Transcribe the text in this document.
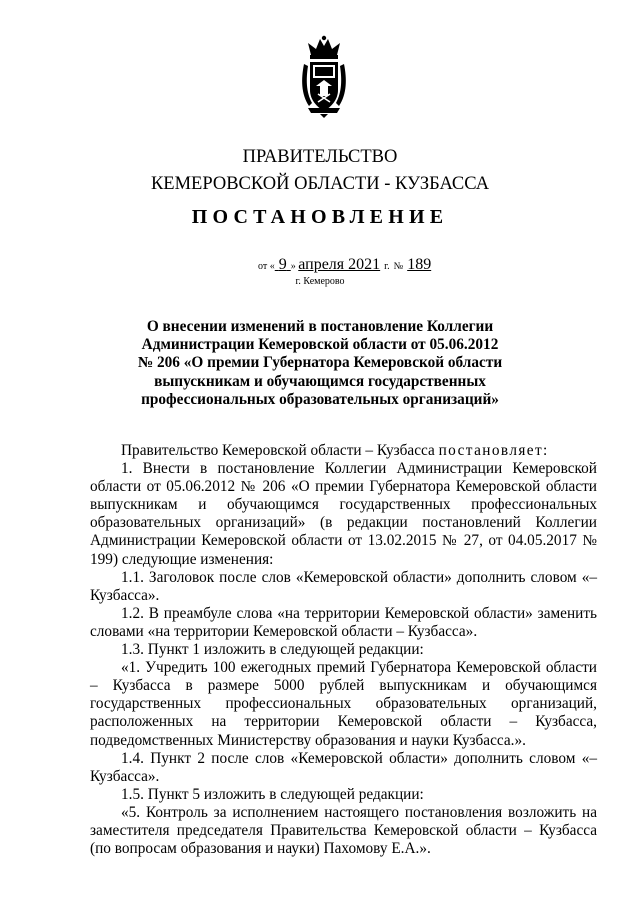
ПРАВИТЕЛЬСТВО
КЕМЕРОВСКОЙ ОБЛАСТИ - КУЗБАССА
ПОСТАНОВЛЕНИЕ
от « 9 » апреля 2021 г. № 189
г. Кемерово
О внесении изменений в постановление Коллегии
Администрации Кемеровской области от 05.06.2012
№ 206 «О премии Губернатора Кемеровской области
выпускникам и обучающимся государственных
профессиональных образовательных организаций»

Правительство Кемеровской области – Кузбасса постановляет:

1. Внести в постановление Коллегии Администрации Кемеровской области от 05.06.2012 № 206 «О премии Губернатора Кемеровской области выпускникам и обучающимся государственных профессиональных образовательных организаций» (в редакции постановлений Коллегии Администрации Кемеровской области от 13.02.2015 № 27, от 04.05.2017 № 199) следующие изменения:

1.1. Заголовок после слов «Кемеровской области» дополнить словом «– Кузбасса».

1.2. В преамбуле слова «на территории Кемеровской области» заменить словами «на территории Кемеровской области – Кузбасса».

1.3. Пункт 1 изложить в следующей редакции:

«1. Учредить 100 ежегодных премий Губернатора Кемеровской области – Кузбасса в размере 5000 рублей выпускникам и обучающимся государственных профессиональных образовательных организаций, расположенных на территории Кемеровской области – Кузбасса, подведомственных Министерству образования и науки Кузбасса.».

1.4. Пункт 2 после слов «Кемеровской области» дополнить словом «– Кузбасса».

1.5. Пункт 5 изложить в следующей редакции:

«5. Контроль за исполнением настоящего постановления возложить на заместителя председателя Правительства Кемеровской области – Кузбасса (по вопросам образования и науки) Пахомову Е.А.».
